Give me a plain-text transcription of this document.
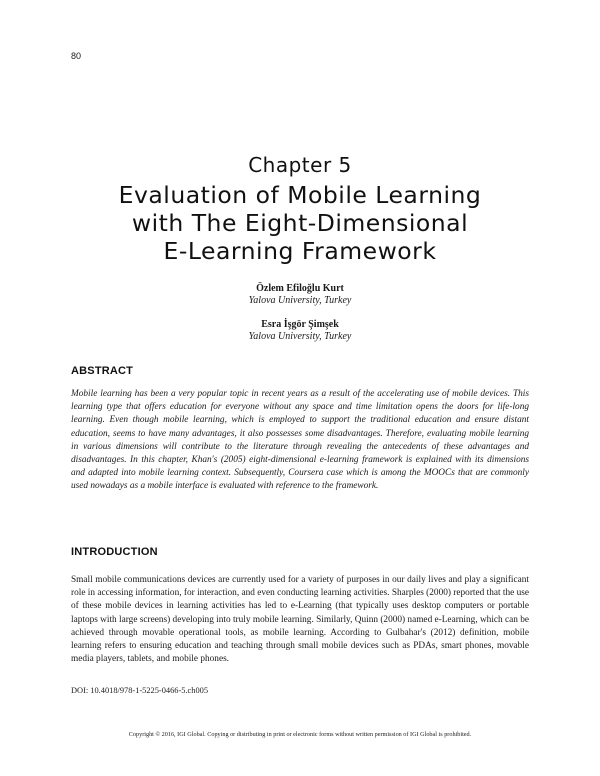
80
Chapter 5
Evaluation of Mobile Learning
with The Eight-Dimensional
E-Learning Framework
Özlem Efiloğlu Kurt
Yalova University, Turkey
Esra İşgör Şimşek
Yalova University, Turkey
ABSTRACT
Mobile learning has been a very popular topic in recent years as a result of the accelerating use of mobile devices. This learning type that offers education for everyone without any space and time limitation opens the doors for life-long learning. Even though mobile learning, which is employed to support the traditional education and ensure distant education, seems to have many advantages, it also possesses some disadvantages. Therefore, evaluating mobile learning in various dimensions will contribute to the literature through revealing the antecedents of these advantages and disadvantages. In this chapter, Khan's (2005) eight-dimensional e-learning framework is explained with its dimensions and adapted into mobile learning context. Subsequently, Coursera case which is among the MOOCs that are commonly used nowadays as a mobile interface is evaluated with reference to the framework.
INTRODUCTION
Small mobile communications devices are currently used for a variety of purposes in our daily lives and play a significant role in accessing information, for interaction, and even conducting learning activities. Sharples (2000) reported that the use of these mobile devices in learning activities has led to e-Learning (that typically uses desktop computers or portable laptops with large screens) developing into truly mobile learning. Similarly, Quinn (2000) named e-Learning, which can be achieved through movable operational tools, as mobile learning. According to Gulbahar's (2012) definition, mobile learning refers to ensuring education and teaching through small mobile devices such as PDAs, smart phones, movable media players, tablets, and mobile phones.
DOI: 10.4018/978-1-5225-0466-5.ch005
Copyright © 2016, IGI Global. Copying or distributing in print or electronic forms without written permission of IGI Global is prohibited.
